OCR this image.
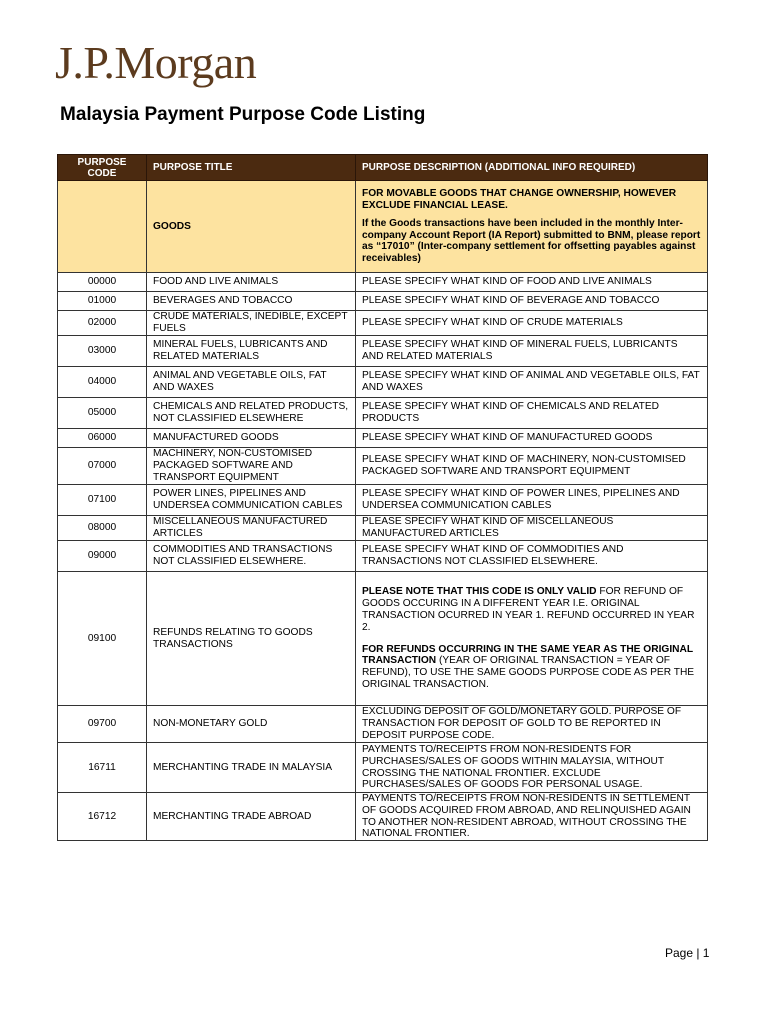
J.P.Morgan
Malaysia Payment Purpose Code Listing
PURPOSE CODE	PURPOSE TITLE	PURPOSE DESCRIPTION (ADDITIONAL INFO REQUIRED)
	GOODS	FOR MOVABLE GOODS THAT CHANGE OWNERSHIP, HOWEVER EXCLUDE FINANCIAL LEASE.

If the Goods transactions have been included in the monthly Inter-company Account Report (IA Report) submitted to BNM, please report as “17010” (Inter-company settlement for offsetting payables against receivables)

00000	FOOD AND LIVE ANIMALS	PLEASE SPECIFY WHAT KIND OF FOOD AND LIVE ANIMALS
01000	BEVERAGES AND TOBACCO	PLEASE SPECIFY WHAT KIND OF BEVERAGE AND TOBACCO
02000	CRUDE MATERIALS, INEDIBLE, EXCEPT FUELS	PLEASE SPECIFY WHAT KIND OF CRUDE MATERIALS
03000	MINERAL FUELS, LUBRICANTS AND RELATED MATERIALS	PLEASE SPECIFY WHAT KIND OF MINERAL FUELS, LUBRICANTS AND RELATED MATERIALS
04000	ANIMAL AND VEGETABLE OILS, FAT AND WAXES	PLEASE SPECIFY WHAT KIND OF ANIMAL AND VEGETABLE OILS, FAT AND WAXES
05000	CHEMICALS AND RELATED PRODUCTS, NOT CLASSIFIED ELSEWHERE	PLEASE SPECIFY WHAT KIND OF CHEMICALS AND RELATED PRODUCTS
06000	MANUFACTURED GOODS	PLEASE SPECIFY WHAT KIND OF MANUFACTURED GOODS
07000	MACHINERY, NON-CUSTOMISED PACKAGED SOFTWARE AND TRANSPORT EQUIPMENT	PLEASE SPECIFY WHAT KIND OF MACHINERY, NON-CUSTOMISED PACKAGED SOFTWARE AND TRANSPORT EQUIPMENT
07100	POWER LINES, PIPELINES AND UNDERSEA COMMUNICATION CABLES	PLEASE SPECIFY WHAT KIND OF POWER LINES, PIPELINES AND UNDERSEA COMMUNICATION CABLES
08000	MISCELLANEOUS MANUFACTURED ARTICLES	PLEASE SPECIFY WHAT KIND OF MISCELLANEOUS MANUFACTURED ARTICLES
09000	COMMODITIES AND TRANSACTIONS NOT CLASSIFIED ELSEWHERE.	PLEASE SPECIFY WHAT KIND OF COMMODITIES AND TRANSACTIONS NOT CLASSIFIED ELSEWHERE.
09100	REFUNDS RELATING TO GOODS TRANSACTIONS	PLEASE NOTE THAT THIS CODE IS ONLY VALID FOR REFUND OF GOODS OCCURING IN A DIFFERENT YEAR I.E. ORIGINAL TRANSACTION OCURRED IN YEAR 1. REFUND OCCURRED IN YEAR 2.
FOR REFUNDS OCCURRING IN THE SAME YEAR AS THE ORIGINAL TRANSACTION (YEAR OF ORIGINAL TRANSACTION = YEAR OF REFUND), TO USE THE SAME GOODS PURPOSE CODE AS PER THE ORIGINAL TRANSACTION.

09700	NON-MONETARY GOLD	EXCLUDING DEPOSIT OF GOLD/MONETARY GOLD. PURPOSE OF TRANSACTION FOR DEPOSIT OF GOLD TO BE REPORTED IN DEPOSIT PURPOSE CODE.
16711	MERCHANTING TRADE IN MALAYSIA	PAYMENTS TO/RECEIPTS FROM NON-RESIDENTS FOR PURCHASES/SALES OF GOODS WITHIN MALAYSIA, WITHOUT CROSSING THE NATIONAL FRONTIER. EXCLUDE PURCHASES/SALES OF GOODS FOR PERSONAL USAGE.
16712	MERCHANTING TRADE ABROAD	PAYMENTS TO/RECEIPTS FROM NON-RESIDENTS IN SETTLEMENT OF GOODS ACQUIRED FROM ABROAD, AND RELINQUISHED AGAIN TO ANOTHER NON-RESIDENT ABROAD, WITHOUT CROSSING THE NATIONAL FRONTIER.
Page | 1
